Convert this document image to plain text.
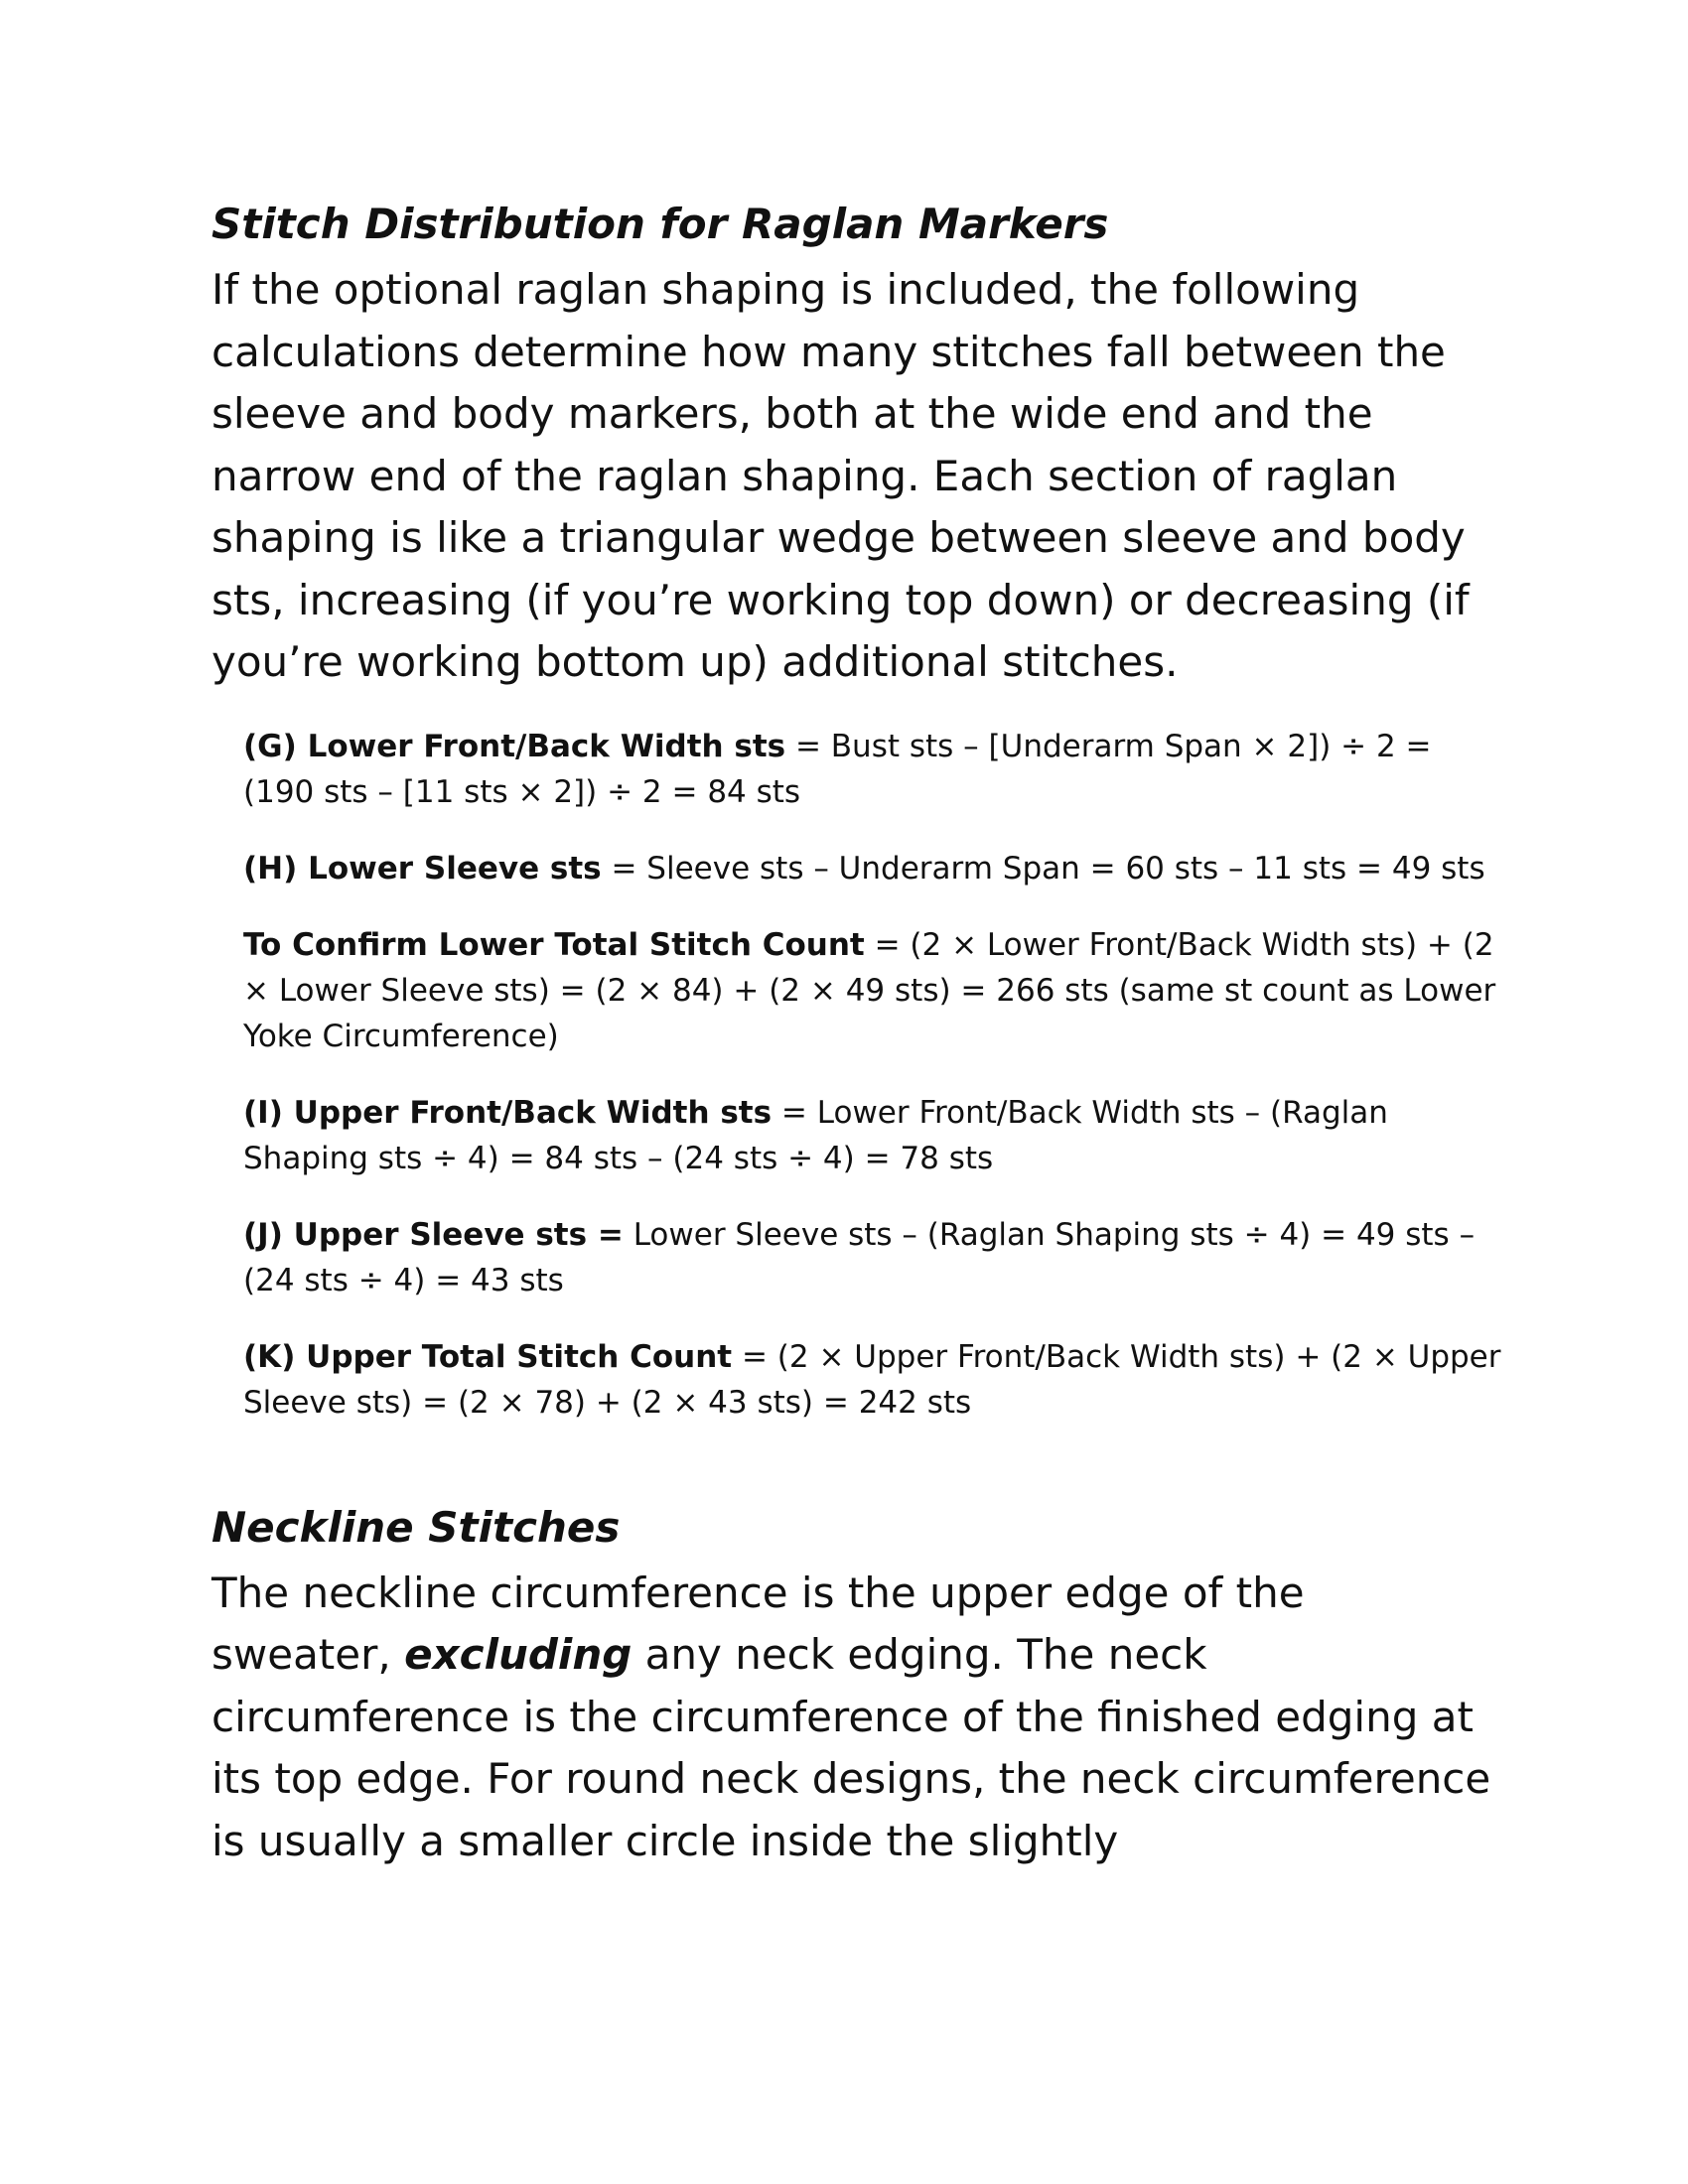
Stitch Distribution for Raglan Markers

If the optional raglan shaping is included, the following calculations determine how many stitches fall between the sleeve and body markers, both at the wide end and the narrow end of the raglan shaping. Each section of raglan shaping is like a triangular wedge between sleeve and body sts, increasing (if you’re working top down) or decreasing (if you’re working bottom up) additional stitches.

(G) Lower Front/Back Width sts = Bust sts – [Underarm Span × 2]) ÷ 2 = (190 sts – [11 sts × 2]) ÷ 2 = 84 sts

(H) Lower Sleeve sts = Sleeve sts – Underarm Span = 60 sts – 11 sts = 49 sts

To Confirm Lower Total Stitch Count = (2 × Lower Front/Back Width sts) + (2 × Lower Sleeve sts) = (2 × 84) + (2 × 49 sts) = 266 sts (same st count as Lower Yoke Circumference)

(I) Upper Front/Back Width sts = Lower Front/Back Width sts – (Raglan Shaping sts ÷ 4) = 84 sts – (24 sts ÷ 4) = 78 sts

(J) Upper Sleeve sts = Lower Sleeve sts – (Raglan Shaping sts ÷ 4) = 49 sts – (24 sts ÷ 4) = 43 sts

(K) Upper Total Stitch Count = (2 × Upper Front/Back Width sts) + (2 × Upper Sleeve sts) = (2 × 78) + (2 × 43 sts) = 242 sts

Neckline Stitches

The neckline circumference is the upper edge of the sweater, excluding any neck edging. The neck circumference is the circumference of the finished edging at its top edge. For round neck designs, the neck circumference is usually a smaller circle inside the slightly
